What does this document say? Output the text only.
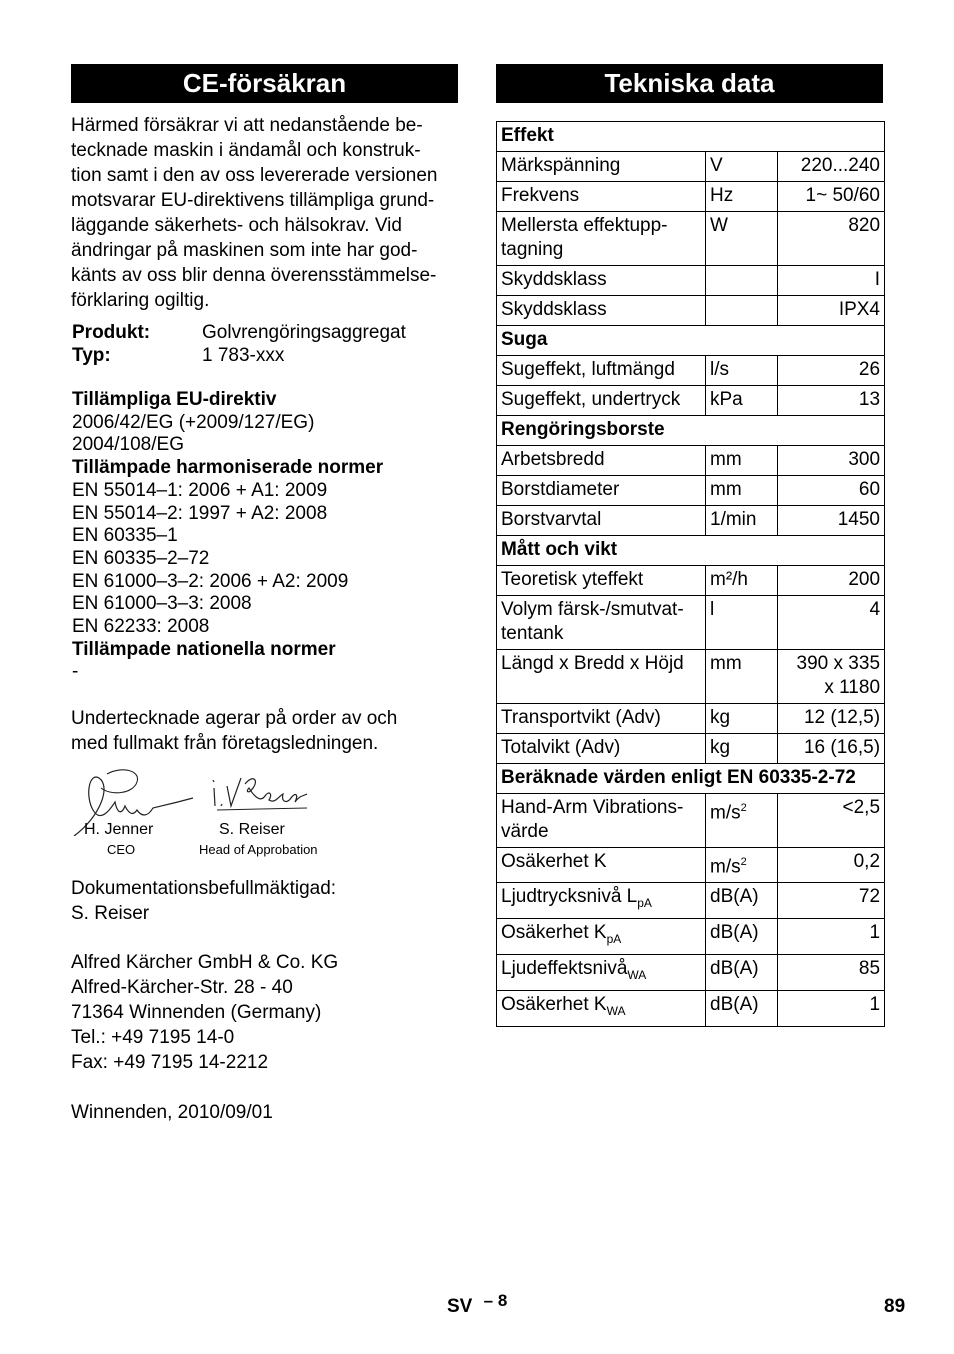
CE-försäkran
Härmed försäkrar vi att nedanstående be-
tecknade maskin i ändamål och konstruk-
tion samt i den av oss levererade versionen
motsvarar EU-direktivens tillämpliga grund-
läggande säkerhets- och hälsokrav. Vid
ändringar på maskinen som inte har god-
känts av oss blir denna överensstämmelse-
förklaring ogiltig.
Produkt:	Golvrengöringsaggregat
Typ:	1 783-xxx
Tillämpliga EU-direktiv
2006/42/EG (+2009/127/EG)
2004/108/EG
Tillämpade harmoniserade normer
EN 55014–1: 2006 + A1: 2009
EN 55014–2: 1997 + A2: 2008
EN 60335–1
EN 60335–2–72
EN 61000–3–2: 2006 + A2: 2009
EN 61000–3–3: 2008
EN 62233: 2008
Tillämpade nationella normer
-
Undertecknade agerar på order av och
med fullmakt från företagsledningen.
H. Jenner
CEO
S. Reiser
Head of Approbation
Dokumentationsbefullmäktigad:
S. Reiser
Alfred Kärcher GmbH & Co. KG
Alfred-Kärcher-Str. 28 - 40
71364 Winnenden (Germany)
Tel.: +49 7195 14-0
Fax: +49 7195 14-2212
Winnenden, 2010/09/01
Tekniska data
Effekt		
Märkspänning	V	220...240
Frekvens	Hz	1~ 50/60
Mellersta effektupp-
tagning	W	820
Skyddsklass		I
Skyddsklass		IPX4
Suga		
Sugeffekt, luftmängd	l/s	26
Sugeffekt, undertryck	kPa	13
Rengöringsborste		
Arbetsbredd	mm	300
Borstdiameter	mm	60
Borstvarvtal	1/min	1450
Mått och vikt		
Teoretisk yteffekt	m²/h	200
Volym färsk-/smutvat-
tentank	l	4
Längd x Bredd x Höjd	mm	390 x 335
x 1180
Transportvikt (Adv)	kg	12 (12,5)
Totalvikt (Adv)	kg	16 (16,5)
Beräknade värden enligt EN 60335-2-72		
Hand-Arm Vibrations-
värde	$m/s^2$	<2,5
Osäkerhet K	$m/s^2$	0,2
Ljudtrycksnivå $L_{pA}$	dB(A)	72
Osäkerhet $K_{pA}$	dB(A)	1
Ljudeffektsnivå$_{WA}$	dB(A)	85
Osäkerhet $K_{WA}$	dB(A)	1
SV – 8	89
